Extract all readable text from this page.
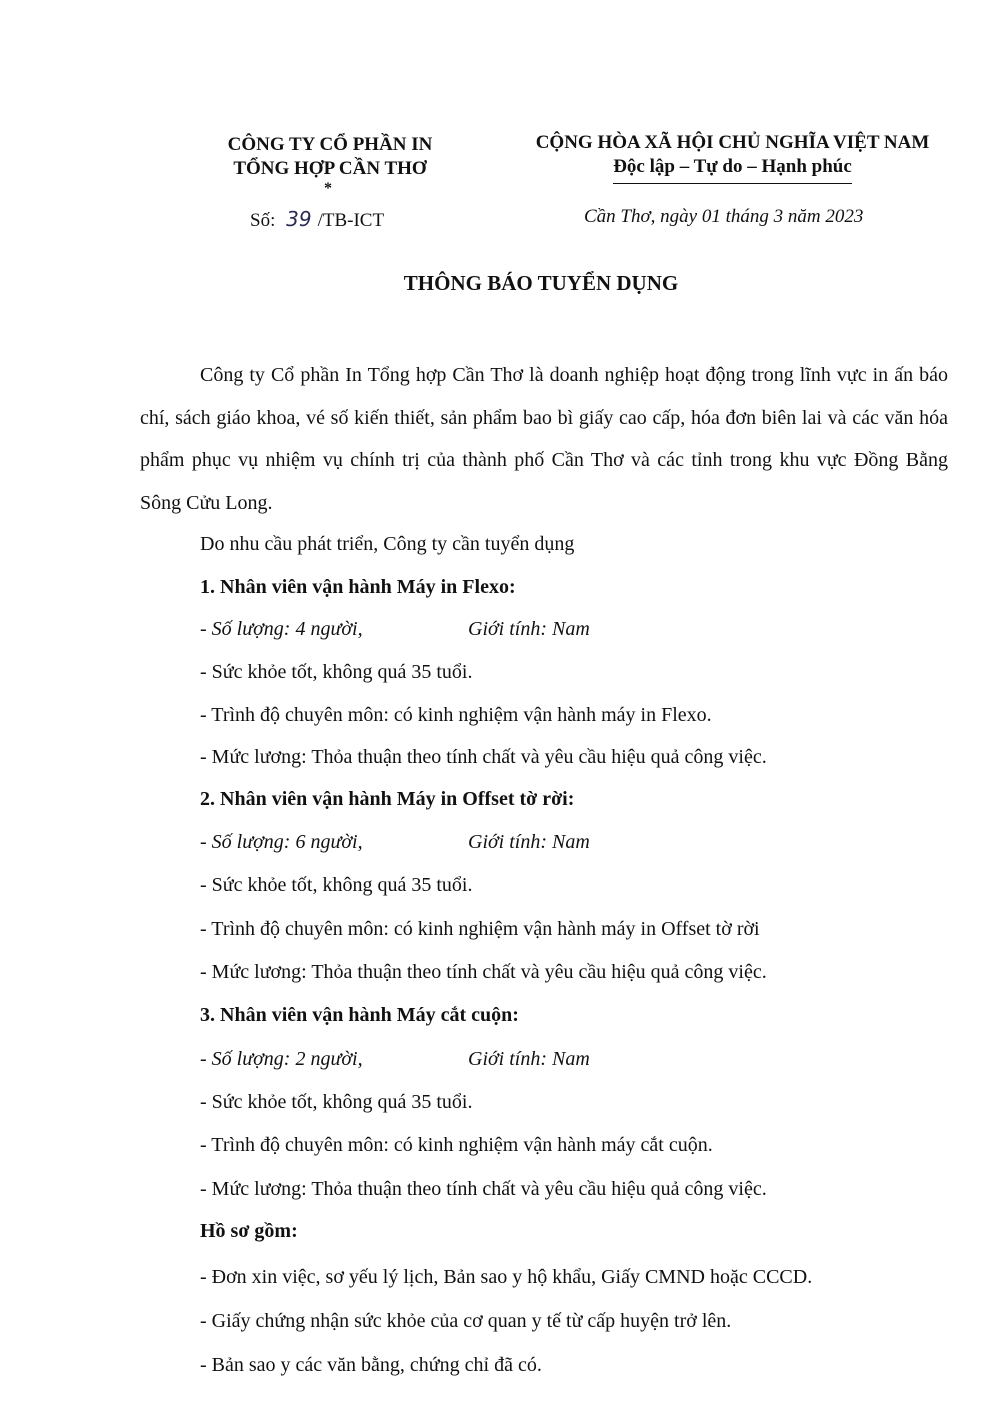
CÔNG TY CỔ PHẦN IN
TỔNG HỢP CẦN THƠ
*
CỘNG HÒA XÃ HỘI CHỦ NGHĨA VIỆT NAM
Độc lập – Tự do – Hạnh phúc
Số: 39 /TB-ICT	Cần Thơ, ngày 01 tháng 3 năm 2023
THÔNG BÁO TUYỂN DỤNG

Công ty Cổ phần In Tổng hợp Cần Thơ là doanh nghiệp hoạt động trong lĩnh vực in ấn báo chí, sách giáo khoa, vé số kiến thiết, sản phẩm bao bì giấy cao cấp, hóa đơn biên lai và các văn hóa phẩm phục vụ nhiệm vụ chính trị của thành phố Cần Thơ và các tỉnh trong khu vực Đồng Bằng Sông Cửu Long.

Do nhu cầu phát triển, Công ty cần tuyển dụng
1. Nhân viên vận hành Máy in Flexo:
- Số lượng: 4 người,	Giới tính: Nam
- Sức khỏe tốt, không quá 35 tuổi.
- Trình độ chuyên môn: có kinh nghiệm vận hành máy in Flexo.
- Mức lương: Thỏa thuận theo tính chất và yêu cầu hiệu quả công việc.
2. Nhân viên vận hành Máy in Offset tờ rời:
- Số lượng: 6 người,	Giới tính: Nam
- Sức khỏe tốt, không quá 35 tuổi.
- Trình độ chuyên môn: có kinh nghiệm vận hành máy in Offset tờ rời
- Mức lương: Thỏa thuận theo tính chất và yêu cầu hiệu quả công việc.
3. Nhân viên vận hành Máy cắt cuộn:
- Số lượng: 2 người,	Giới tính: Nam
- Sức khỏe tốt, không quá 35 tuổi.
- Trình độ chuyên môn: có kinh nghiệm vận hành máy cắt cuộn.
- Mức lương: Thỏa thuận theo tính chất và yêu cầu hiệu quả công việc.
Hồ sơ gồm:
- Đơn xin việc, sơ yếu lý lịch, Bản sao y hộ khẩu, Giấy CMND hoặc CCCD.
- Giấy chứng nhận sức khỏe của cơ quan y tế từ cấp huyện trở lên.
- Bản sao y các văn bằng, chứng chỉ đã có.
